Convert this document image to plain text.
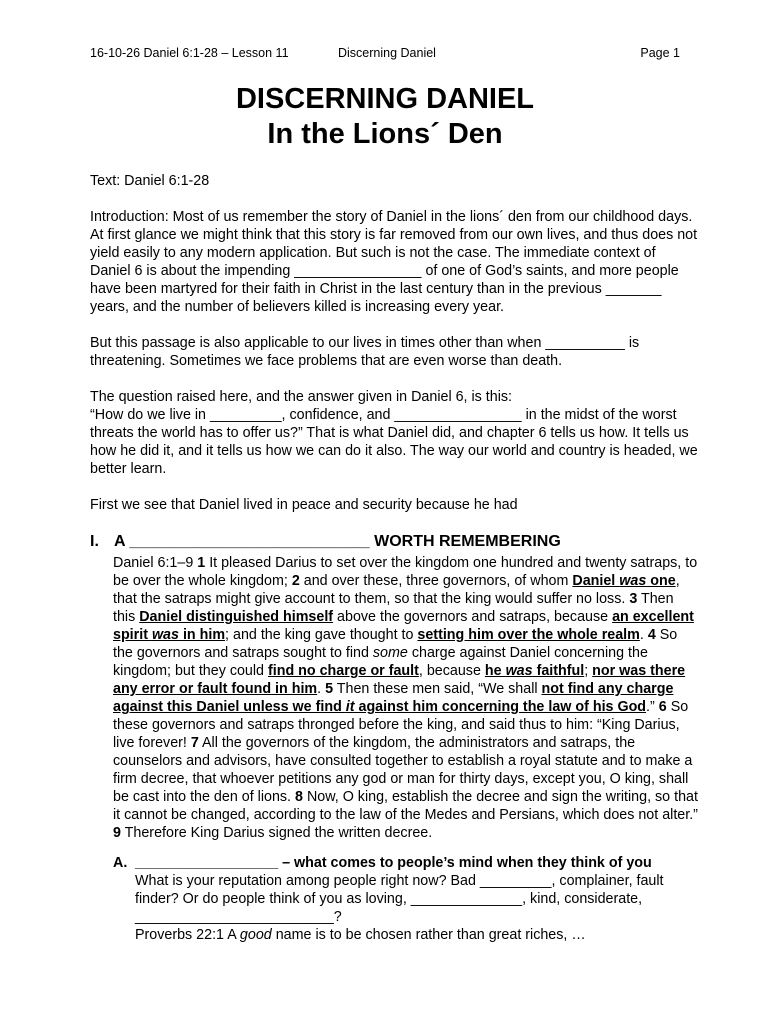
16-10-26 Daniel 6:1-28 – Lesson 11	Discerning Daniel	Page 1
DISCERNING DANIEL
In the Lions´ Den

Text: Daniel 6:1-28

Introduction: Most of us remember the story of Daniel in the lions´ den from our childhood days. At first glance we might think that this story is far removed from our own lives, and thus does not yield easily to any modern application. But such is not the case. The immediate context of Daniel 6 is about the impending ________________ of one of God’s saints, and more people have been martyred for their faith in Christ in the last century than in the previous _______ years, and the number of believers killed is increasing every year.

But this passage is also applicable to our lives in times other than when __________ is threatening. Sometimes we face problems that are even worse than death.

The question raised here, and the answer given in Daniel 6, is this:
“How do we live in _________, confidence, and ________________ in the midst of the worst threats the world has to offer us?” That is what Daniel did, and chapter 6 tells us how. It tells us how he did it, and it tells us how we can do it also. The way our world and country is headed, we better learn.

First we see that Daniel lived in peace and security because he had

I. A ___________________________ WORTH REMEMBERING

Daniel 6:1–9 1 It pleased Darius to set over the kingdom one hundred and twenty satraps, to be over the whole kingdom; 2 and over these, three governors, of whom Daniel was one, that the satraps might give account to them, so that the king would suffer no loss. 3 Then this Daniel distinguished himself above the governors and satraps, because an excellent spirit was in him; and the king gave thought to setting him over the whole realm. 4 So the governors and satraps sought to find some charge against Daniel concerning the kingdom; but they could find no charge or fault, because he was faithful; nor was there any error or fault found in him. 5 Then these men said, “We shall not find any charge against this Daniel unless we find it against him concerning the law of his God.” 6 So these governors and satraps thronged before the king, and said thus to him: “King Darius, live forever! 7 All the governors of the kingdom, the administrators and satraps, the counselors and advisors, have consulted together to establish a royal statute and to make a firm decree, that whoever petitions any god or man for thirty days, except you, O king, shall be cast into the den of lions. 8 Now, O king, establish the decree and sign the writing, so that it cannot be changed, according to the law of the Medes and Persians, which does not alter.” 9 Therefore King Darius signed the written decree.

A. __________________ – what comes to people’s mind when they think of you

What is your reputation among people right now? Bad _________, complainer, fault finder? Or do people think of you as loving, ______________, kind, considerate, _________________________?

Proverbs 22:1 A good name is to be chosen rather than great riches, …
